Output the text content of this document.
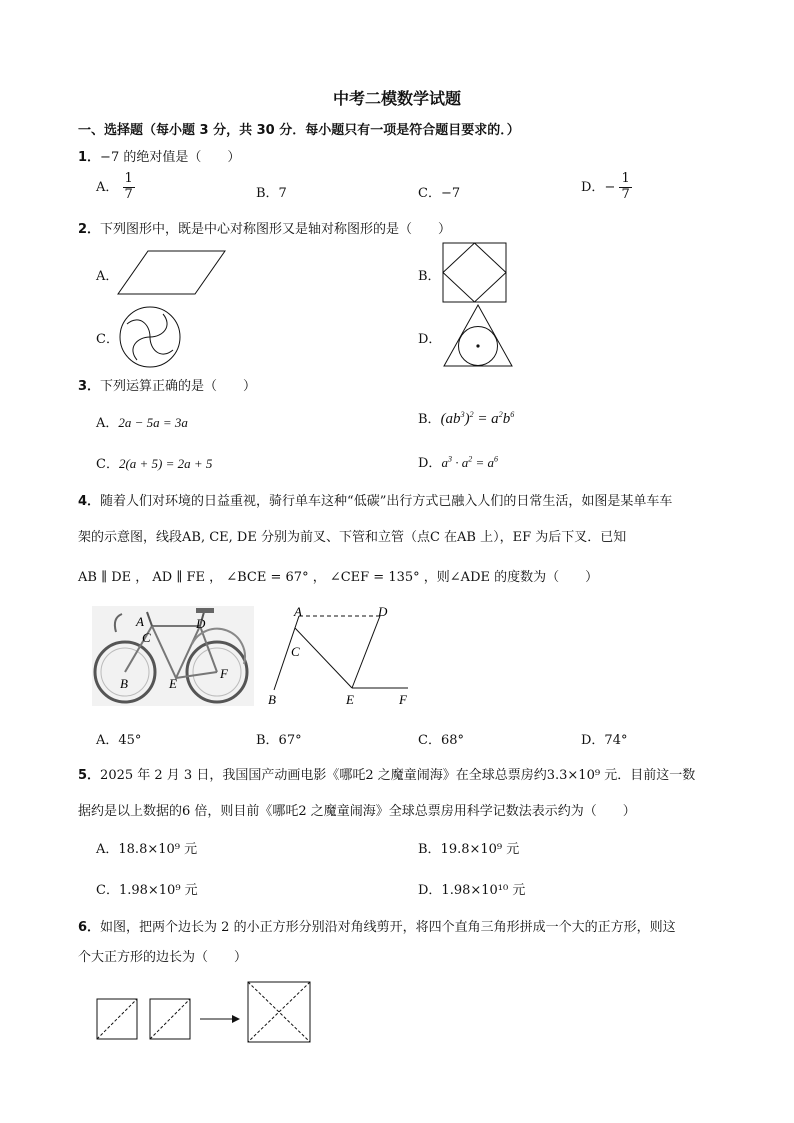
中考二模数学试题
一、选择题（每小题 3 分，共 30 分．每小题只有一项是符合题目要求的．）
1．−7 的绝对值是（　　）
A． $\frac{1}{7}$	B．7	C．−7	D．− $\frac{1}{7}$
2．下列图形中，既是中心对称图形又是轴对称图形的是（　　）
A．	B．
C．	D．
3．下列运算正确的是（　　）
A．2a − 5a = 3a	B．$(ab^3)^2 = a^2b^6$
C．2(a + 5) = 2a + 5	D．$a^3 \cdot a^2 = a^6$
4．随着人们对环境的日益重视，骑行单车这种“低碳”出行方式已融入人们的日常生活，如图是某单车车
架的示意图，线段AB, CE, DE 分别为前叉、下管和立管（点C 在AB 上），EF 为后下叉．已知
AB ∥ DE ， AD ∥ FE ， ∠BCE = 67° ， ∠CEF = 135° ，则∠ADE 的度数为（　　）
A
C
D
B	E
F
A	D
C
B	E	F
A．45°	B．67°	C．68°	D．74°
5．2025 年 2 月 3 日，我国国产动画电影《哪吒2 之魔童闹海》在全球总票房约3.3×10⁹ 元．目前这一数
据约是以上数据的6 倍，则目前《哪吒2 之魔童闹海》全球总票房用科学记数法表示约为（　　）
A．18.8×10⁹ 元	B．19.8×10⁹ 元
C．1.98×10⁹ 元	D．1.98×10¹⁰ 元
6．如图，把两个边长为 2 的小正方形分别沿对角线剪开，将四个直角三角形拼成一个大的正方形，则这
个大正方形的边长为（　　）
